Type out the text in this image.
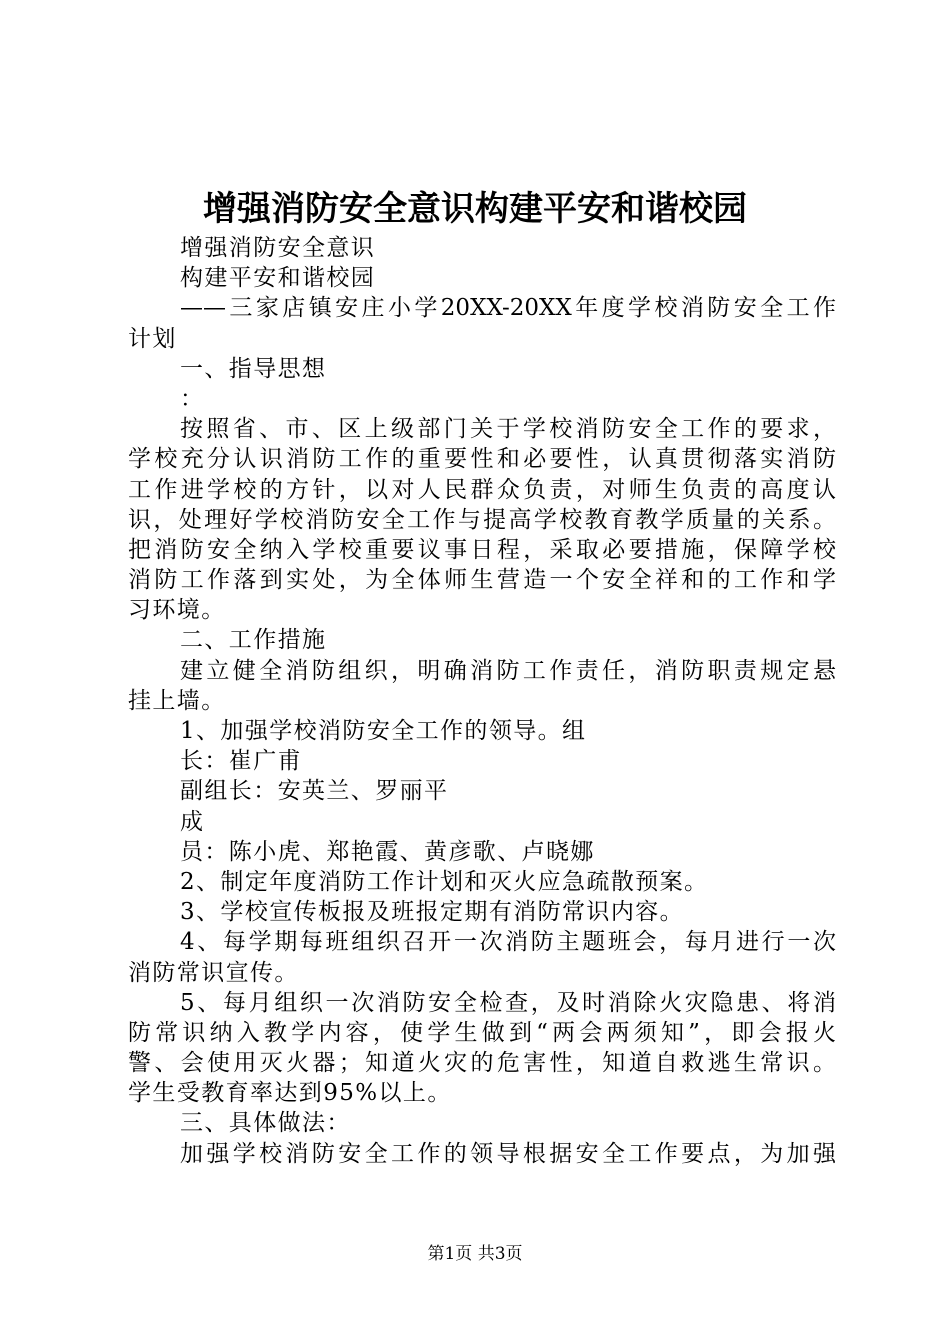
增强消防安全意识构建平安和谐校园
增强消防安全意识
构建平安和谐校园
——三家店镇安庄小学20XX-20XX年度学校消防安全工作
计划
一、指导思想
：
按照省、市、区上级部门关于学校消防安全工作的要求，
学校充分认识消防工作的重要性和必要性，认真贯彻落实消防
工作进学校的方针，以对人民群众负责，对师生负责的高度认
识，处理好学校消防安全工作与提高学校教育教学质量的关系。
把消防安全纳入学校重要议事日程，采取必要措施，保障学校
消防工作落到实处，为全体师生营造一个安全祥和的工作和学
习环境。
二、工作措施
建立健全消防组织，明确消防工作责任，消防职责规定悬
挂上墙。
1、加强学校消防安全工作的领导。组
长：崔广甫
副组长：安英兰、罗丽平
成
员：陈小虎、郑艳霞、黄彦歌、卢晓娜
2、制定年度消防工作计划和灭火应急疏散预案。
3、学校宣传板报及班报定期有消防常识内容。
4、每学期每班组织召开一次消防主题班会，每月进行一次
消防常识宣传。
5、每月组织一次消防安全检查，及时消除火灾隐患、将消
防常识纳入教学内容，使学生做到“两会两须知”，即会报火
警、会使用灭火器；知道火灾的危害性，知道自救逃生常识。
学生受教育率达到95%以上。
三、具体做法：
加强学校消防安全工作的领导根据安全工作要点，为加强
第1页 共3页
